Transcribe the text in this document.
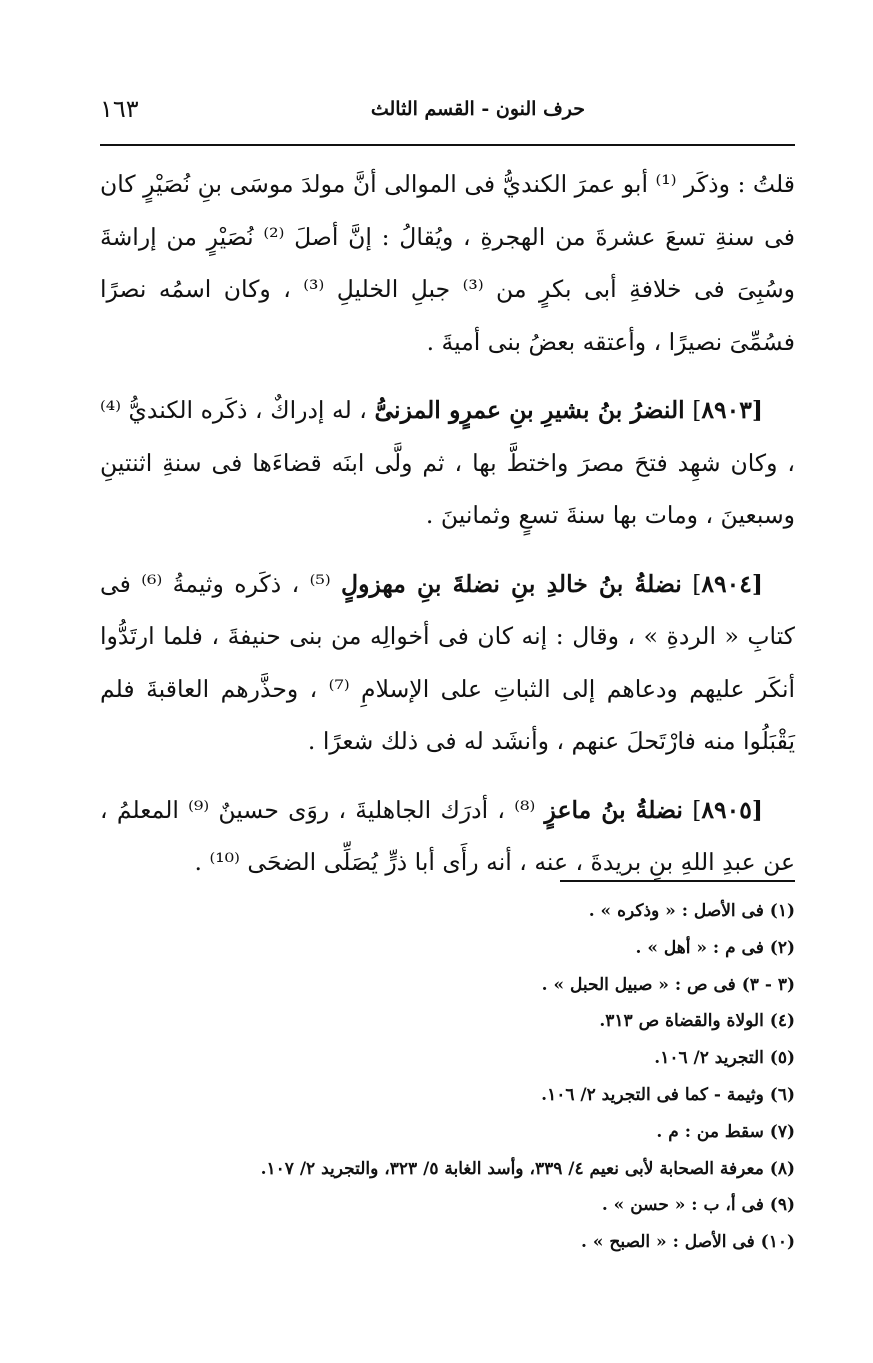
١٦٣	حرف النون - القسم الثالث

قلتُ : وذكَر ⁽¹⁾ أبو عمرَ الكنديُّ فى الموالى أنَّ مولدَ موسَى بنِ نُصَيْرٍ كان فى سنةِ تسعَ عشرةَ من الهجرةِ ، ويُقالُ : إنَّ أصلَ ⁽²⁾ نُصَيْرٍ من إراشةَ وسُبِىَ فى خلافةِ أبى بكرٍ من ⁽³⁾ جبلِ الخليلِ ⁽³⁾ ، وكان اسمُه نصرًا فسُمِّىَ نصيرًا ، وأعتقه بعضُ بنى أميةَ .

[٨٩٠٣] النضرُ بنُ بشيرِ بنِ عمرٍو المزنىُّ ، له إدراكٌ ، ذكَره الكنديُّ ⁽⁴⁾ ، وكان شهِد فتحَ مصرَ واختطَّ بها ، ثم ولَّى ابنَه قضاءَها فى سنةِ اثنتينِ وسبعينَ ، ومات بها سنةَ تسعٍ وثمانينَ .

[٨٩٠٤] نضلةُ بنُ خالدِ بنِ نضلةَ بنِ مهزولٍ ⁽⁵⁾ ، ذكَره وثيمةُ ⁽⁶⁾ فى كتابِ « الردةِ » ، وقال : إنه كان فى أخوالِه من بنى حنيفةَ ، فلما ارتَدُّوا أنكَر عليهم ودعاهم إلى الثباتِ على الإسلامِ ⁽⁷⁾ ، وحذَّرهم العاقبةَ فلم يَقْبَلُوا منه فارْتَحلَ عنهم ، وأنشَد له فى ذلك شعرًا .

[٨٩٠٥] نضلةُ بنُ ماعزٍ ⁽⁸⁾ ، أدرَك الجاهليةَ ، روَى حسينٌ ⁽⁹⁾ المعلمُ ، عن عبدِ اللهِ بنِ بريدةَ ، عنه ، أنه رأَى أبا ذرٍّ يُصَلِّى الضحَى ⁽¹⁰⁾ .

(١) فى الأصل : « وذكره » .
(٢) فى م : « أهل » .
(٣ - ٣) فى ص : « صبيل الحبل » .
(٤) الولاة والقضاة ص ٣١٣.
(٥) التجريد ٢/ ١٠٦.
(٦) وثيمة - كما فى التجريد ٢/ ١٠٦.
(٧) سقط من : م .
(٨) معرفة الصحابة لأبى نعيم ٤/ ٣٣٩، وأسد الغابة ٥/ ٣٢٣، والتجريد ٢/ ١٠٧.
(٩) فى أ، ب : « حسن » .
(١٠) فى الأصل : « الصبح » .
